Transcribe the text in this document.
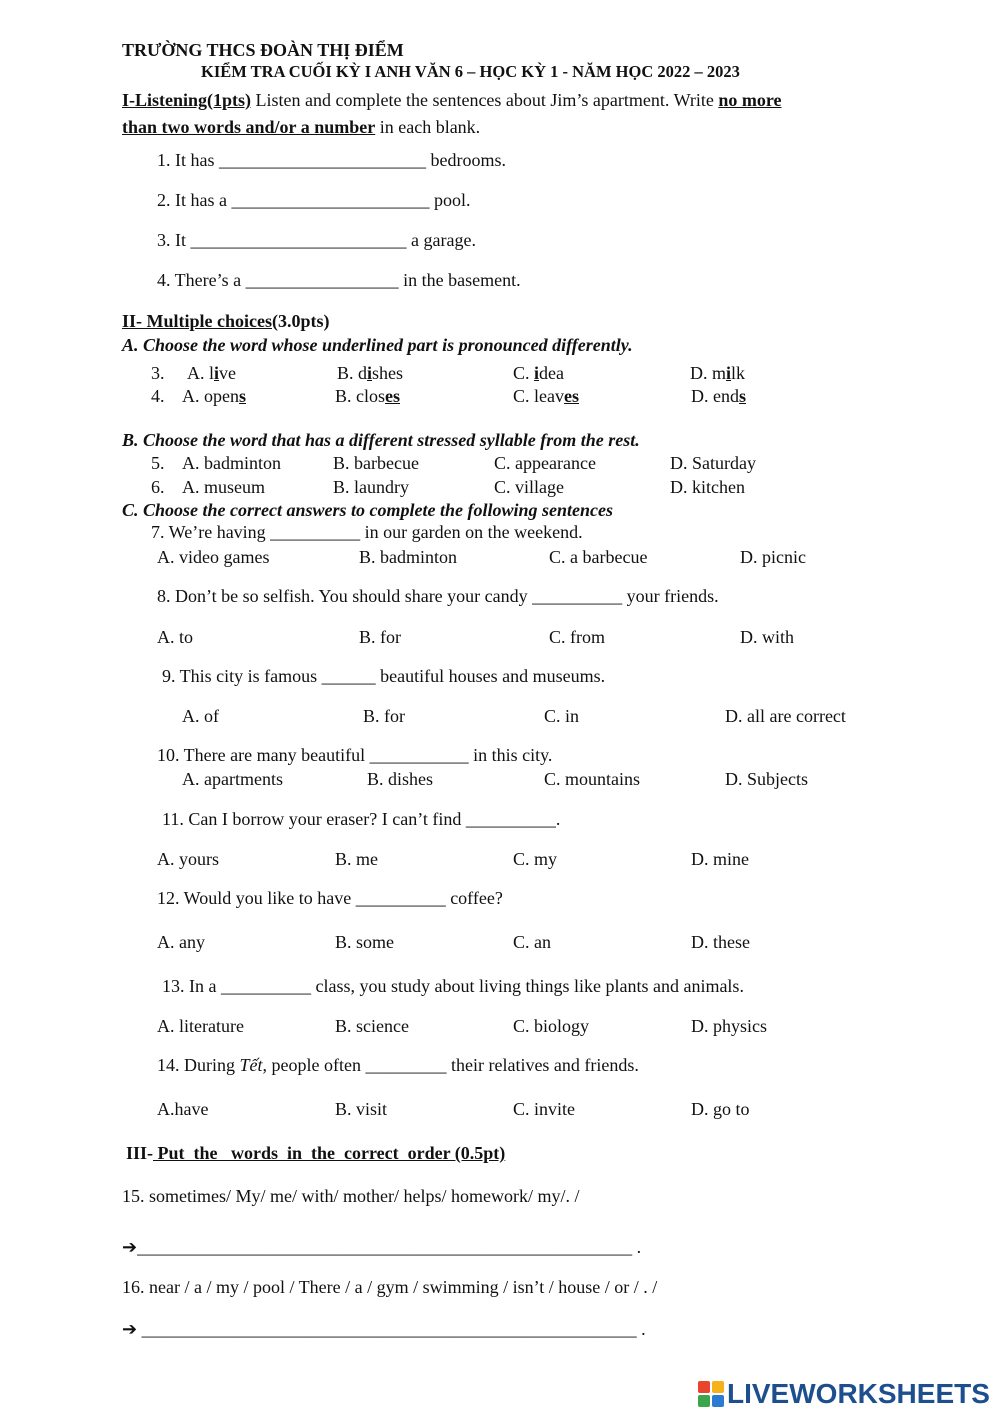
TRƯỜNG THCS ĐOÀN THỊ ĐIỂM
KIỂM TRA CUỐI KỲ I ANH VĂN 6 – HỌC KỲ 1 - NĂM HỌC 2022 – 2023
I-Listening(1pts) Listen and complete the sentences about Jim’s apartment. Write no more
than two words and/or a number in each blank.
1. It has _______________________ bedrooms.
2. It has a ______________________ pool.
3. It ________________________ a garage.
4. There’s a _________________ in the basement.
II- Multiple choices(3.0pts)
A. Choose the word whose underlined part is pronounced differently.
3. A. live	B. dishes	C. idea	D. milk
4. A. opens	B. closes	C. leaves	D. ends
B. Choose the word that has a different stressed syllable from the rest.
5. A. badminton	B. barbecue	C. appearance	D. Saturday
6. A. museum	B. laundry	C. village	D. kitchen
C. Choose the correct answers to complete the following sentences
7. We’re having __________ in our garden on the weekend.
A. video games	B. badminton	C. a barbecue	D. picnic
8. Don’t be so selfish. You should share your candy __________ your friends.
A. to	B. for	C. from	D. with
9. This city is famous ______ beautiful houses and museums.
A. of	B. for	C. in	D. all are correct
10. There are many beautiful ___________ in this city.
A. apartments	B. dishes	C. mountains	D. Subjects
11. Can I borrow your eraser? I can’t find __________.
A. yours	B. me	C. my	D. mine
12. Would you like to have __________ coffee?
A. any	B. some	C. an	D. these
13. In a __________ class, you study about living things like plants and animals.
A. literature	B. science	C. biology	D. physics
14. During Tết, people often _________ their relatives and friends.
A.have	B. visit	C. invite	D. go to
III- Put  the   words  in  the  correct  order (0.5pt)
15. sometimes/ My/ me/ with/ mother/ helps/ homework/ my/. /
➔_______________________________________________________ .
16. near / a / my / pool / There / a / gym / swimming / isn’t / house / or / . /
➔ _______________________________________________________ .
LIVEWORKSHEETS
